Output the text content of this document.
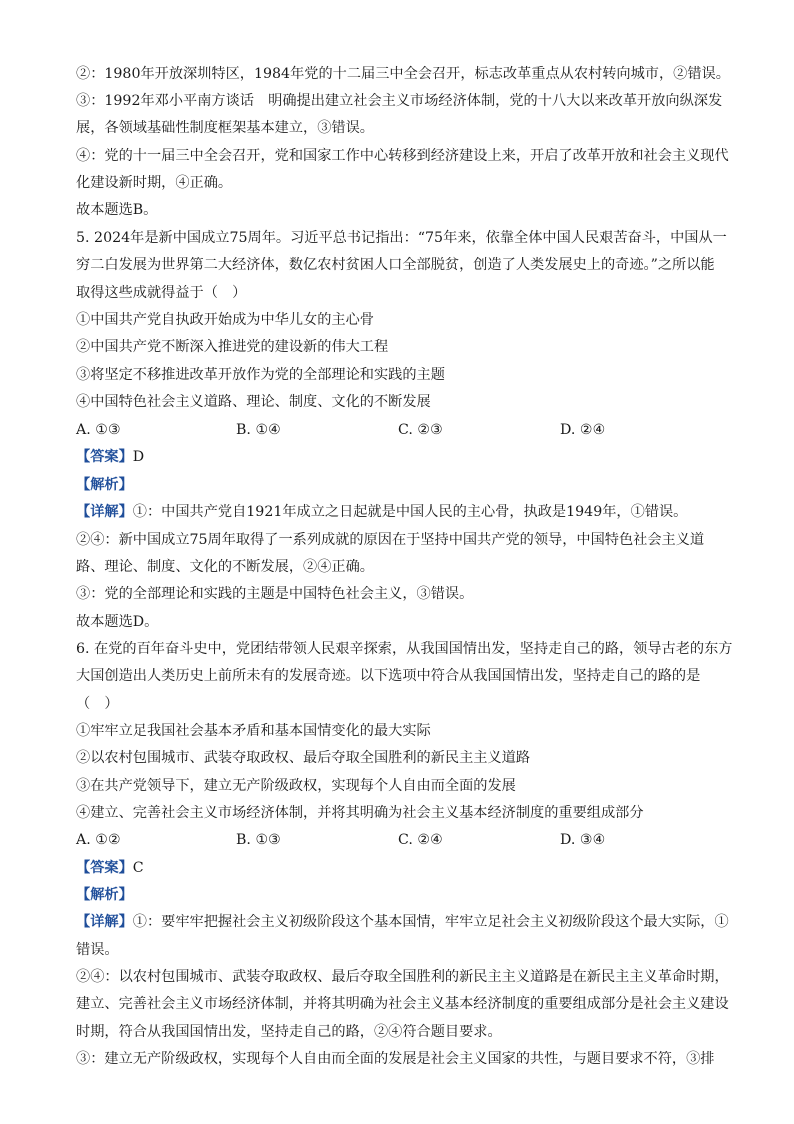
②：1980年开放深圳特区，1984年党的十二届三中全会召开，标志改革重点从农村转向城市，②错误。
③：1992年邓小平南方谈话　明确提出建立社会主义市场经济体制，党的十八大以来改革开放向纵深发
展，各领域基础性制度框架基本建立，③错误。
④：党的十一届三中全会召开，党和国家工作中心转移到经济建设上来，开启了改革开放和社会主义现代
化建设新时期，④正确。
故本题选B。
5. 2024年是新中国成立75周年。习近平总书记指出：“75年来，依靠全体中国人民艰苦奋斗，中国从一
穷二白发展为世界第二大经济体，数亿农村贫困人口全部脱贫，创造了人类发展史上的奇迹。”之所以能
取得这些成就得益于（　）
①中国共产党自执政开始成为中华儿女的主心骨
②中国共产党不断深入推进党的建设新的伟大工程
③将坚定不移推进改革开放作为党的全部理论和实践的主题
④中国特色社会主义道路、理论、制度、文化的不断发展
A. ①③	B. ①④	C. ②③	D. ②④
【答案】D
【解析】
【详解】①：中国共产党自1921年成立之日起就是中国人民的主心骨，执政是1949年，①错误。
②④：新中国成立75周年取得了一系列成就的原因在于坚持中国共产党的领导，中国特色社会主义道
路、理论、制度、文化的不断发展，②④正确。
③：党的全部理论和实践的主题是中国特色社会主义，③错误。
故本题选D。
6. 在党的百年奋斗史中，党团结带领人民艰辛探索，从我国国情出发，坚持走自己的路，领导古老的东方
大国创造出人类历史上前所未有的发展奇迹。以下选项中符合从我国国情出发，坚持走自己的路的是
（　）
①牢牢立足我国社会基本矛盾和基本国情变化的最大实际
②以农村包围城市、武装夺取政权、最后夺取全国胜利的新民主主义道路
③在共产党领导下，建立无产阶级政权，实现每个人自由而全面的发展
④建立、完善社会主义市场经济体制，并将其明确为社会主义基本经济制度的重要组成部分
A. ①②	B. ①③	C. ②④	D. ③④
【答案】C
【解析】
【详解】①：要牢牢把握社会主义初级阶段这个基本国情，牢牢立足社会主义初级阶段这个最大实际，①
错误。
②④：以农村包围城市、武装夺取政权、最后夺取全国胜利的新民主主义道路是在新民主主义革命时期，
建立、完善社会主义市场经济体制，并将其明确为社会主义基本经济制度的重要组成部分是社会主义建设
时期，符合从我国国情出发，坚持走自己的路，②④符合题目要求。
③：建立无产阶级政权，实现每个人自由而全面的发展是社会主义国家的共性，与题目要求不符，③排
